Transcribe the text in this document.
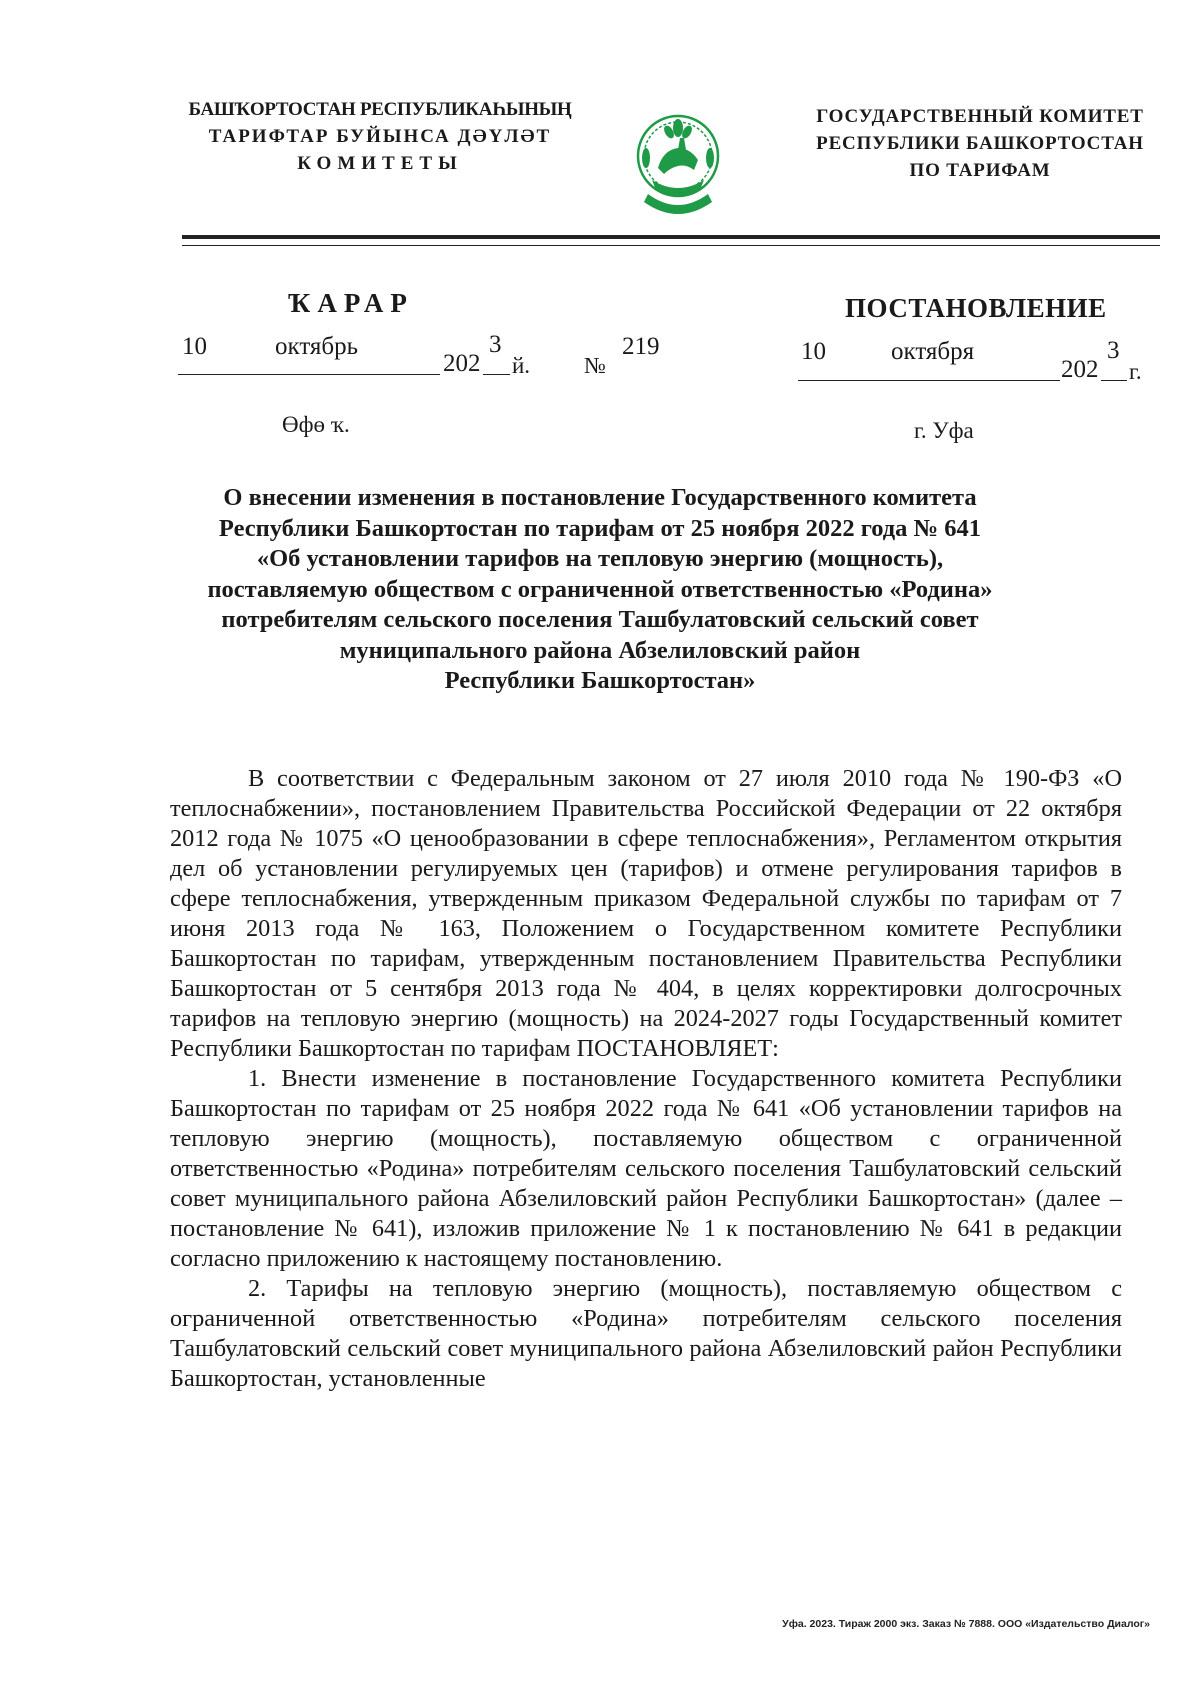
БАШҠОРТОСТАН РЕСПУБЛИКАҺЫНЫҢ
ТАРИФТАР БУЙЫНСА ДӘҮЛӘТ
КОМИТЕТЫ
ГОСУДАРСТВЕННЫЙ КОМИТЕТ
РЕСПУБЛИКИ БАШКОРТОСТАН
ПО ТАРИФАМ
ҠАРАР	ПОСТАНОВЛЕНИЕ
10	октябрь
202
3
й. №
219	10	октября
202
3
г.
Өфө ҡ.	г. Уфа
О внесении изменения в постановление Государственного комитета
Республики Башкортостан по тарифам от 25 ноября 2022 года № 641
«Об установлении тарифов на тепловую энергию (мощность),
поставляемую обществом с ограниченной ответственностью «Родина»
потребителям сельского поселения Ташбулатовский сельский совет
муниципального района Абзелиловский район
Республики Башкортостан»

В соответствии с Федеральным законом от 27 июля 2010 года № 190-ФЗ «О теплоснабжении», постановлением Правительства Российской Федерации от 22 октября 2012 года № 1075 «О ценообразовании в сфере теплоснабжения», Регламентом открытия дел об установлении регулируемых цен (тарифов) и отмене регулирования тарифов в сфере теплоснабжения, утвержденным приказом Федеральной службы по тарифам от 7 июня 2013 года № 163, Положением о Государственном комитете Республики Башкортостан по тарифам, утвержденным постановлением Правительства Республики Башкортостан от 5 сентября 2013 года № 404, в целях корректировки долгосрочных тарифов на тепловую энергию (мощность) на 2024-2027 годы Государственный комитет Республики Башкортостан по тарифам ПОСТАНОВЛЯЕТ:

1. Внести изменение в постановление Государственного комитета Республики Башкортостан по тарифам от 25 ноября 2022 года № 641 «Об установлении тарифов на тепловую энергию (мощность), поставляемую обществом с ограниченной ответственностью «Родина» потребителям сельского поселения Ташбулатовский сельский совет муниципального района Абзелиловский район Республики Башкортостан» (далее – постановление № 641), изложив приложение № 1 к постановлению № 641 в редакции согласно приложению к настоящему постановлению.

2. Тарифы на тепловую энергию (мощность), поставляемую обществом с ограниченной ответственностью «Родина» потребителям сельского поселения Ташбулатовский сельский совет муниципального района Абзелиловский район Республики Башкортостан, установленные

Уфа. 2023. Тираж 2000 экз. Заказ № 7888. ООО «Издательство Диалог»
